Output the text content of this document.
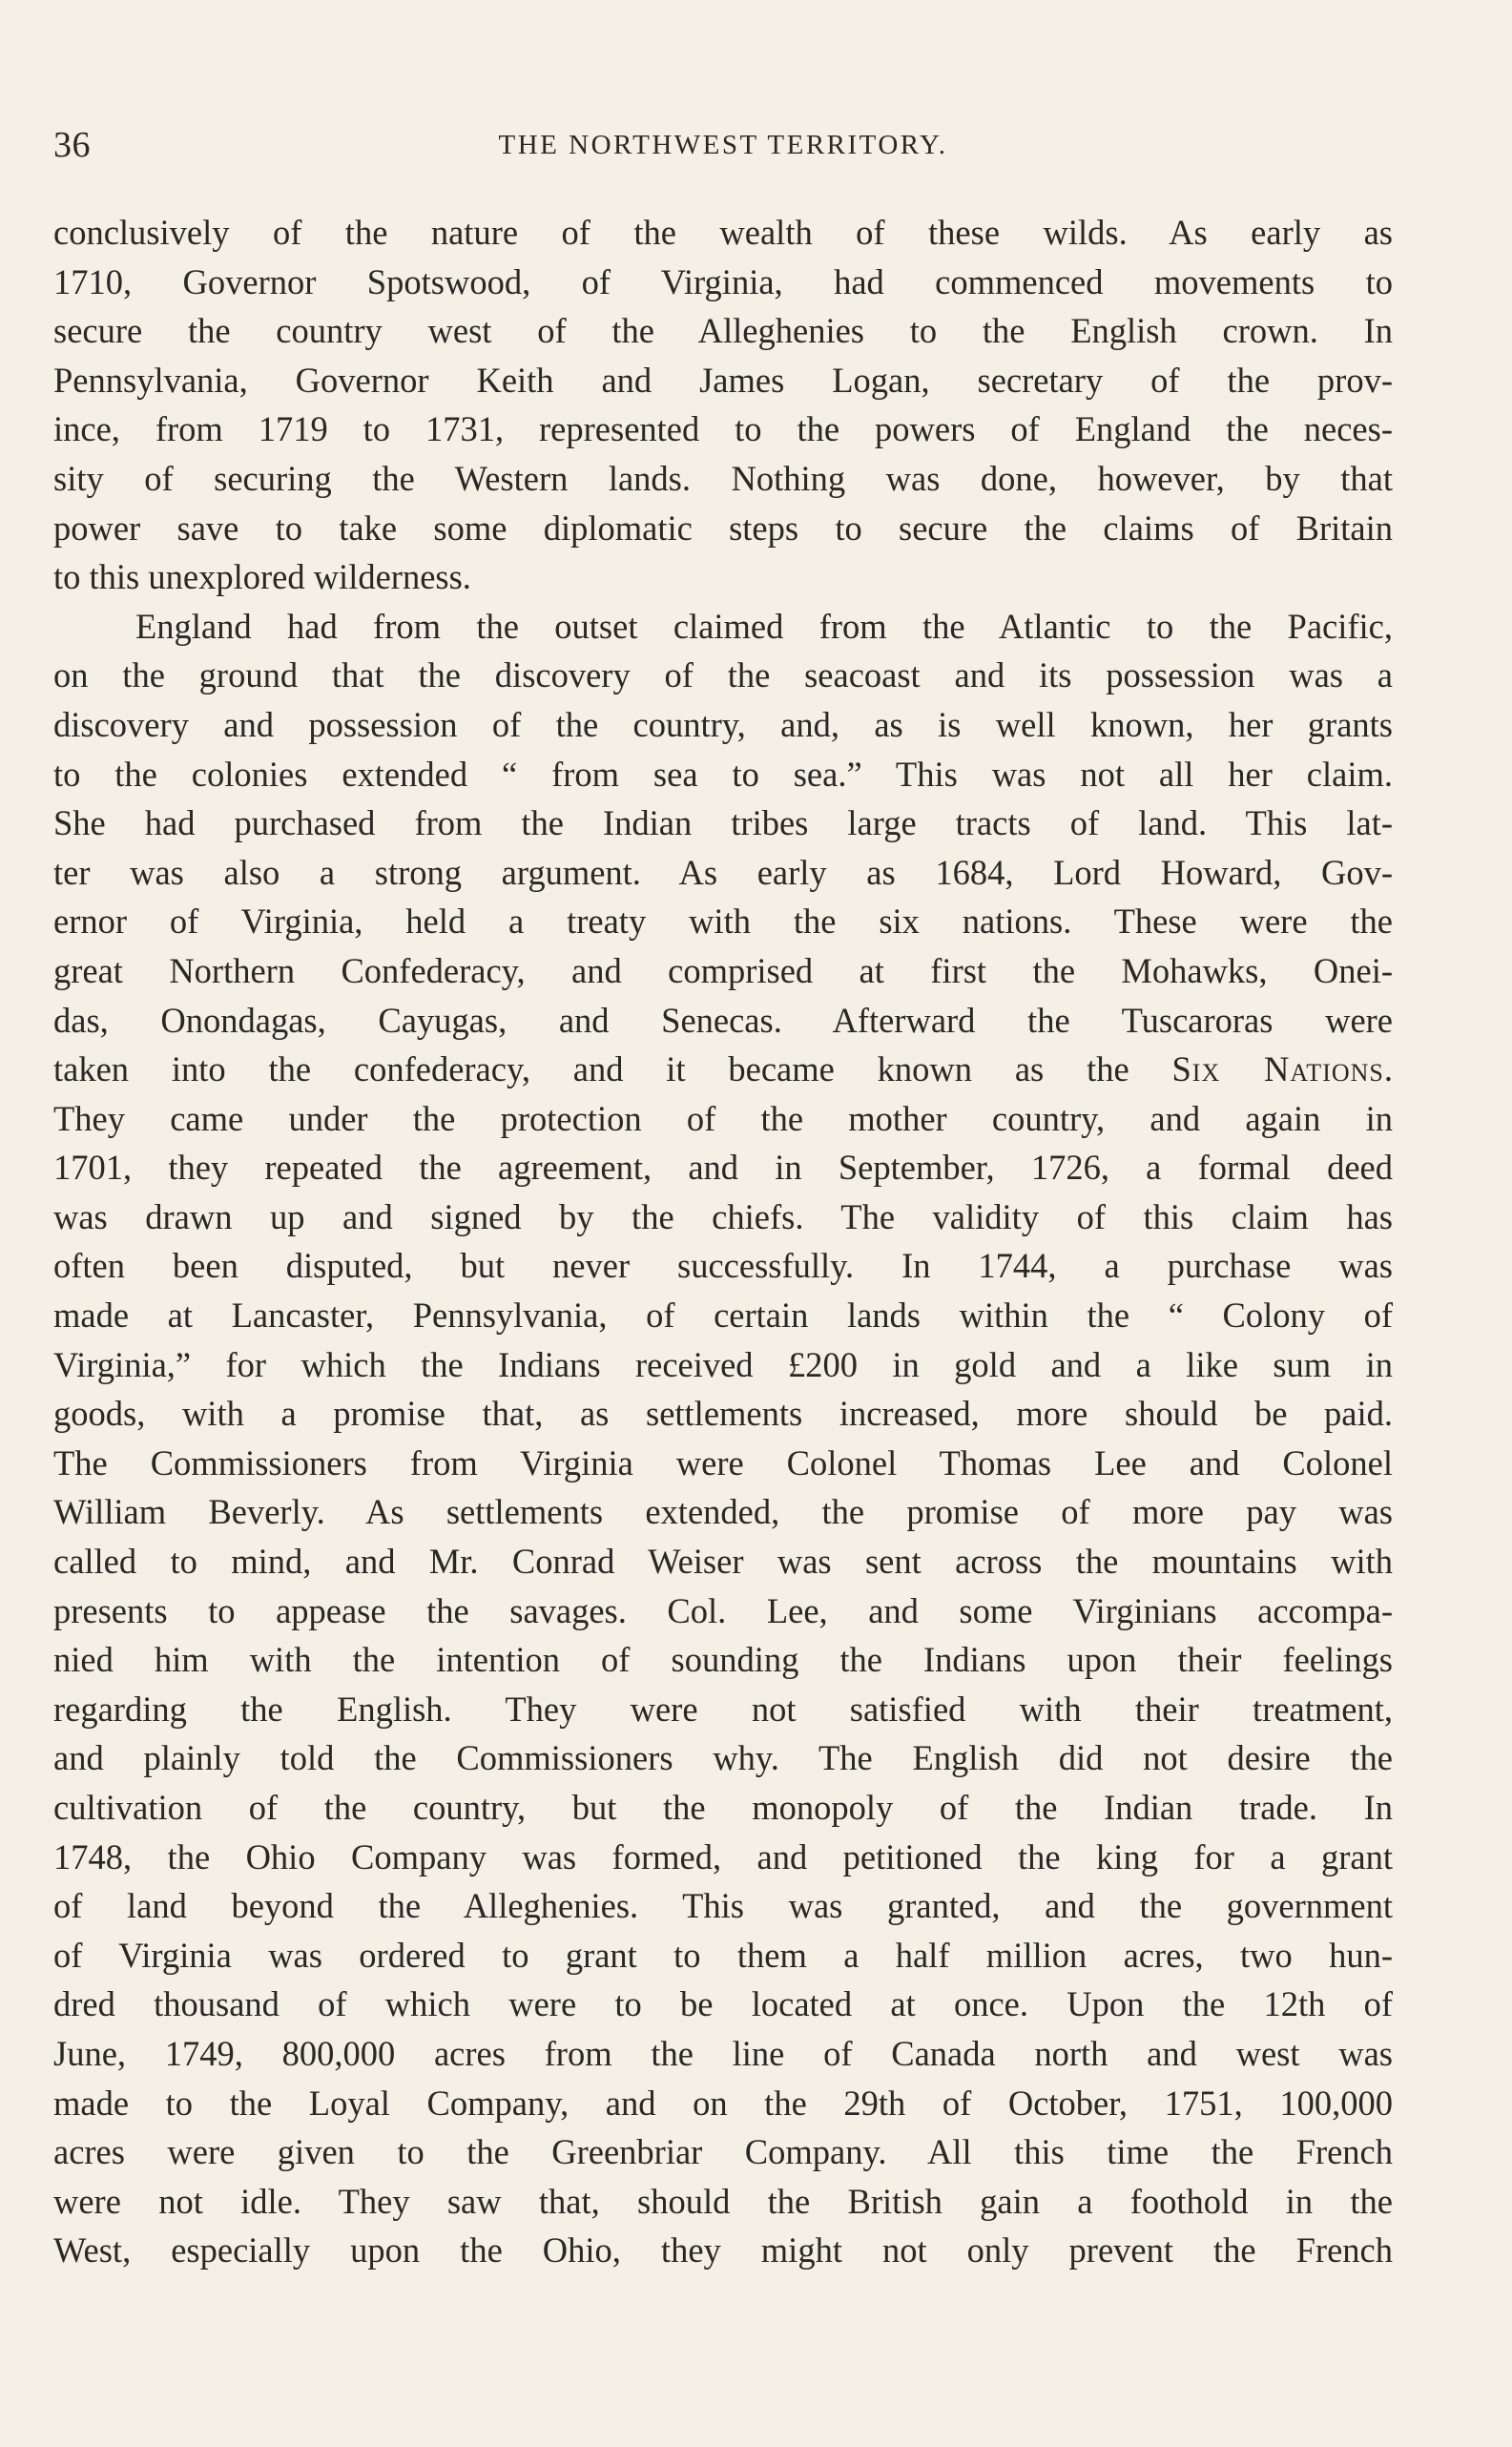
36	THE NORTHWEST TERRITORY.
conclusively of the nature of the wealth of these wilds. As early as
1710, Governor Spotswood, of Virginia, had commenced movements to
secure the country west of the Alleghenies to the English crown. In
Pennsylvania, Governor Keith and James Logan, secretary of the prov-
ince, from 1719 to 1731, represented to the powers of England the neces-
sity of securing the Western lands. Nothing was done, however, by that
power save to take some diplomatic steps to secure the claims of Britain
to this unexplored wilderness.
England had from the outset claimed from the Atlantic to the Pacific,
on the ground that the discovery of the seacoast and its possession was a
discovery and possession of the country, and, as is well known, her grants
to the colonies extended “ from sea to sea.” This was not all her claim.
She had purchased from the Indian tribes large tracts of land. This lat-
ter was also a strong argument. As early as 1684, Lord Howard, Gov-
ernor of Virginia, held a treaty with the six nations. These were the
great Northern Confederacy, and comprised at first the Mohawks, Onei-
das, Onondagas, Cayugas, and Senecas. Afterward the Tuscaroras were
taken into the confederacy, and it became known as the Six Nations.
They came under the protection of the mother country, and again in
1701, they repeated the agreement, and in September, 1726, a formal deed
was drawn up and signed by the chiefs. The validity of this claim has
often been disputed, but never successfully. In 1744, a purchase was
made at Lancaster, Pennsylvania, of certain lands within the “ Colony of
Virginia,” for which the Indians received £200 in gold and a like sum in
goods, with a promise that, as settlements increased, more should be paid.
The Commissioners from Virginia were Colonel Thomas Lee and Colonel
William Beverly. As settlements extended, the promise of more pay was
called to mind, and Mr. Conrad Weiser was sent across the mountains with
presents to appease the savages. Col. Lee, and some Virginians accompa-
nied him with the intention of sounding the Indians upon their feelings
regarding the English. They were not satisfied with their treatment,
and plainly told the Commissioners why. The English did not desire the
cultivation of the country, but the monopoly of the Indian trade. In
1748, the Ohio Company was formed, and petitioned the king for a grant
of land beyond the Alleghenies. This was granted, and the government
of Virginia was ordered to grant to them a half million acres, two hun-
dred thousand of which were to be located at once. Upon the 12th of
June, 1749, 800,000 acres from the line of Canada north and west was
made to the Loyal Company, and on the 29th of October, 1751, 100,000
acres were given to the Greenbriar Company. All this time the French
were not idle. They saw that, should the British gain a foothold in the
West, especially upon the Ohio, they might not only prevent the French
